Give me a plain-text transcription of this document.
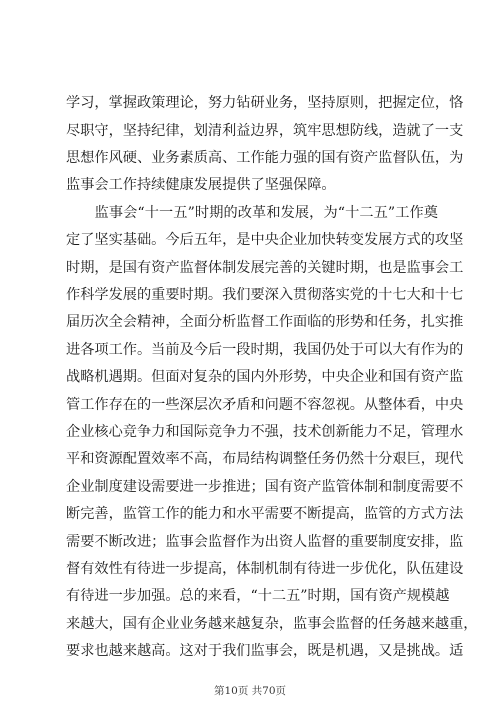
学习，掌握政策理论，努力钻研业务，坚持原则，把握定位，恪
尽职守，坚持纪律，划清利益边界，筑牢思想防线，造就了一支
思想作风硬、业务素质高、工作能力强的国有资产监督队伍，为
监事会工作持续健康发展提供了坚强保障。
　　监事会“十一五”时期的改革和发展，为“十二五”工作奠
定了坚实基础。今后五年，是中央企业加快转变发展方式的攻坚
时期，是国有资产监督体制发展完善的关键时期，也是监事会工
作科学发展的重要时期。我们要深入贯彻落实党的十七大和十七
届历次全会精神，全面分析监督工作面临的形势和任务，扎实推
进各项工作。当前及今后一段时期，我国仍处于可以大有作为的
战略机遇期。但面对复杂的国内外形势，中央企业和国有资产监
管工作存在的一些深层次矛盾和问题不容忽视。从整体看，中央
企业核心竞争力和国际竞争力不强，技术创新能力不足，管理水
平和资源配置效率不高，布局结构调整任务仍然十分艰巨，现代
企业制度建设需要进一步推进；国有资产监管体制和制度需要不
断完善，监管工作的能力和水平需要不断提高，监管的方式方法
需要不断改进；监事会监督作为出资人监督的重要制度安排，监
督有效性有待进一步提高，体制机制有待进一步优化，队伍建设
有待进一步加强。总的来看，“十二五”时期，国有资产规模越
来越大，国有企业业务越来越复杂，监事会监督的任务越来越重，
要求也越来越高。这对于我们监事会，既是机遇，又是挑战。适
第10页 共70页
